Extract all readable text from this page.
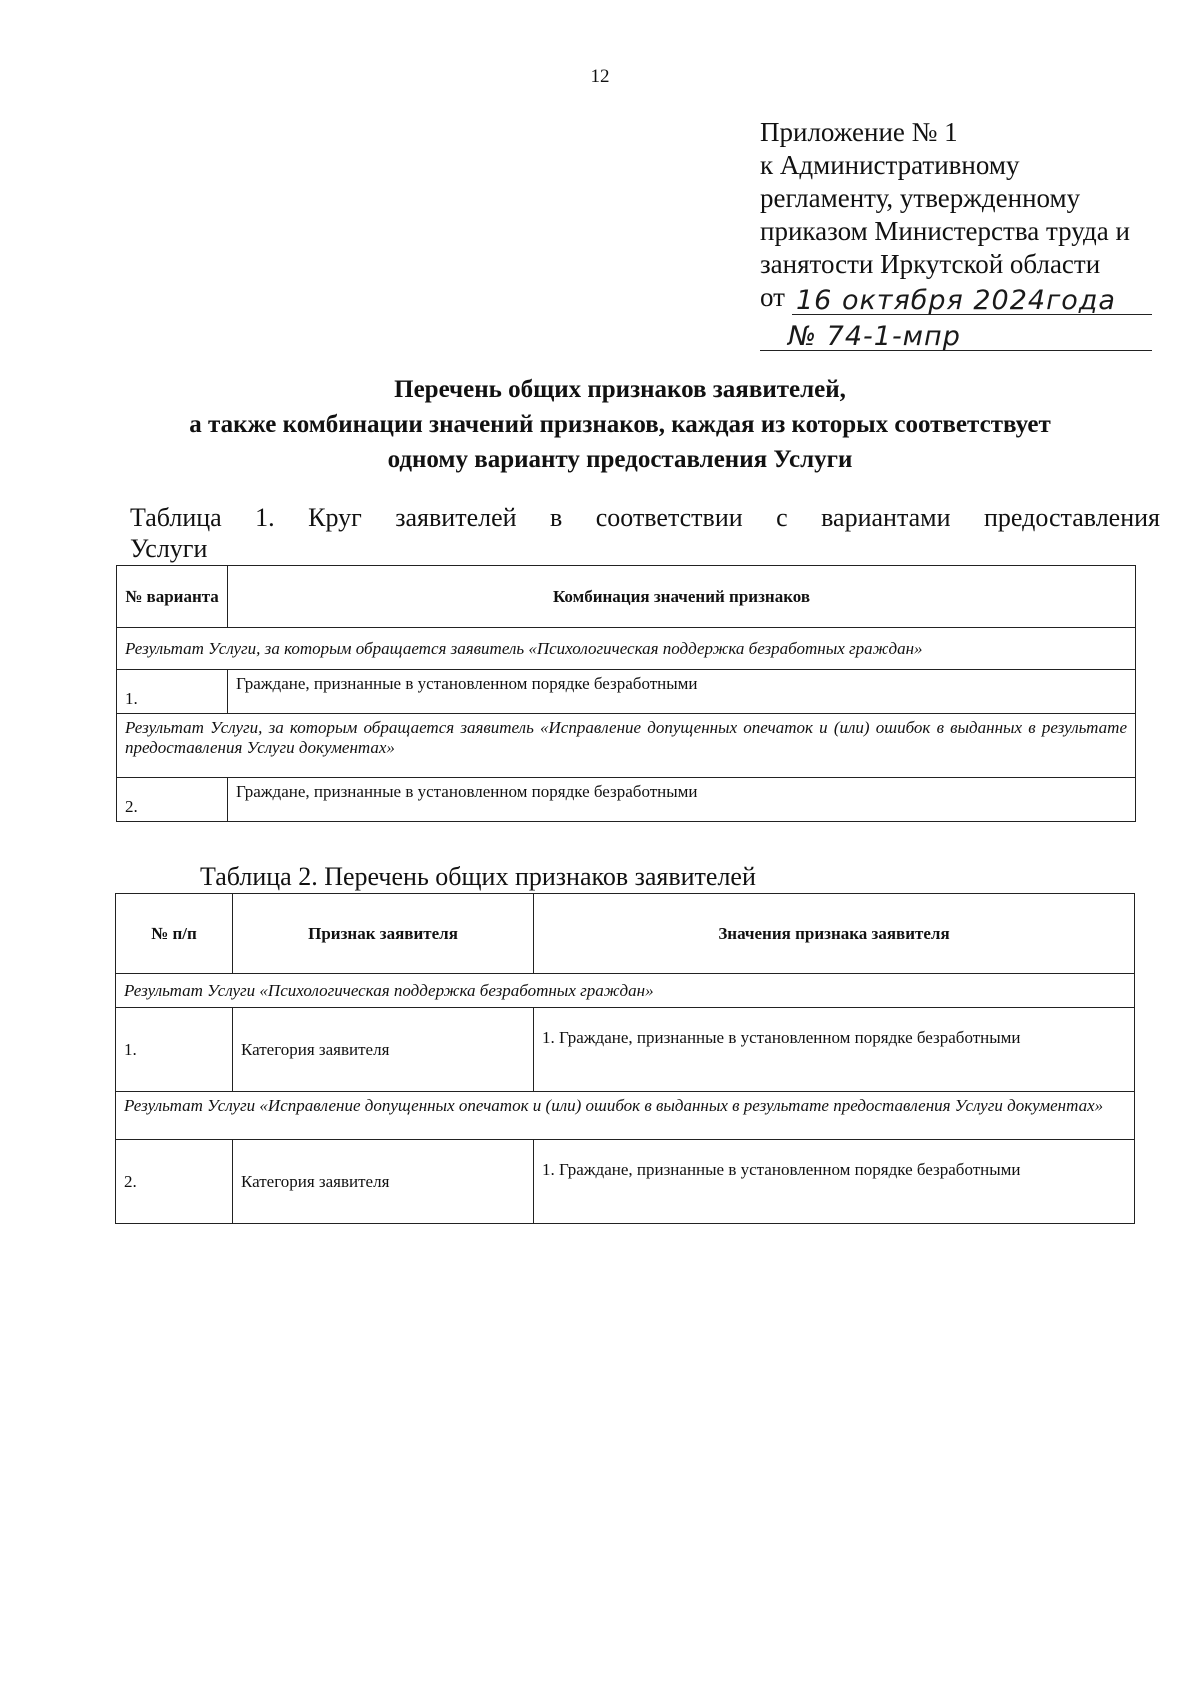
12
Приложение № 1
к Административному
регламенту, утвержденному
приказом Министерства труда и
занятости Иркутской области
от 16 октября 2024года
№ 74-1-мпр
Перечень общих признаков заявителей,
а также комбинации значений признаков, каждая из которых соответствует
одному варианту предоставления Услуги
Таблица 1. Круг заявителей в соответствии с вариантами предоставления
Услуги
№ варианта	Комбинация значений признаков
Результат Услуги, за которым обращается заявитель «Психологическая поддержка безработных граждан»	
1.	Граждане, признанные в установленном порядке безработными
Результат Услуги, за которым обращается заявитель «Исправление допущенных опечаток и (или) ошибок в выданных в результате предоставления Услуги документах»	
2.	Граждане, признанные в установленном порядке безработными
Таблица 2. Перечень общих признаков заявителей
№ п/п	Признак заявителя	Значения признака заявителя
Результат Услуги «Психологическая поддержка безработных граждан»		
1.	Категория заявителя	1. Граждане, признанные в установленном порядке безработными
Результат Услуги «Исправление допущенных опечаток и (или) ошибок в выданных в результате предоставления Услуги документах»		
2.	Категория заявителя	1. Граждане, признанные в установленном порядке безработными
